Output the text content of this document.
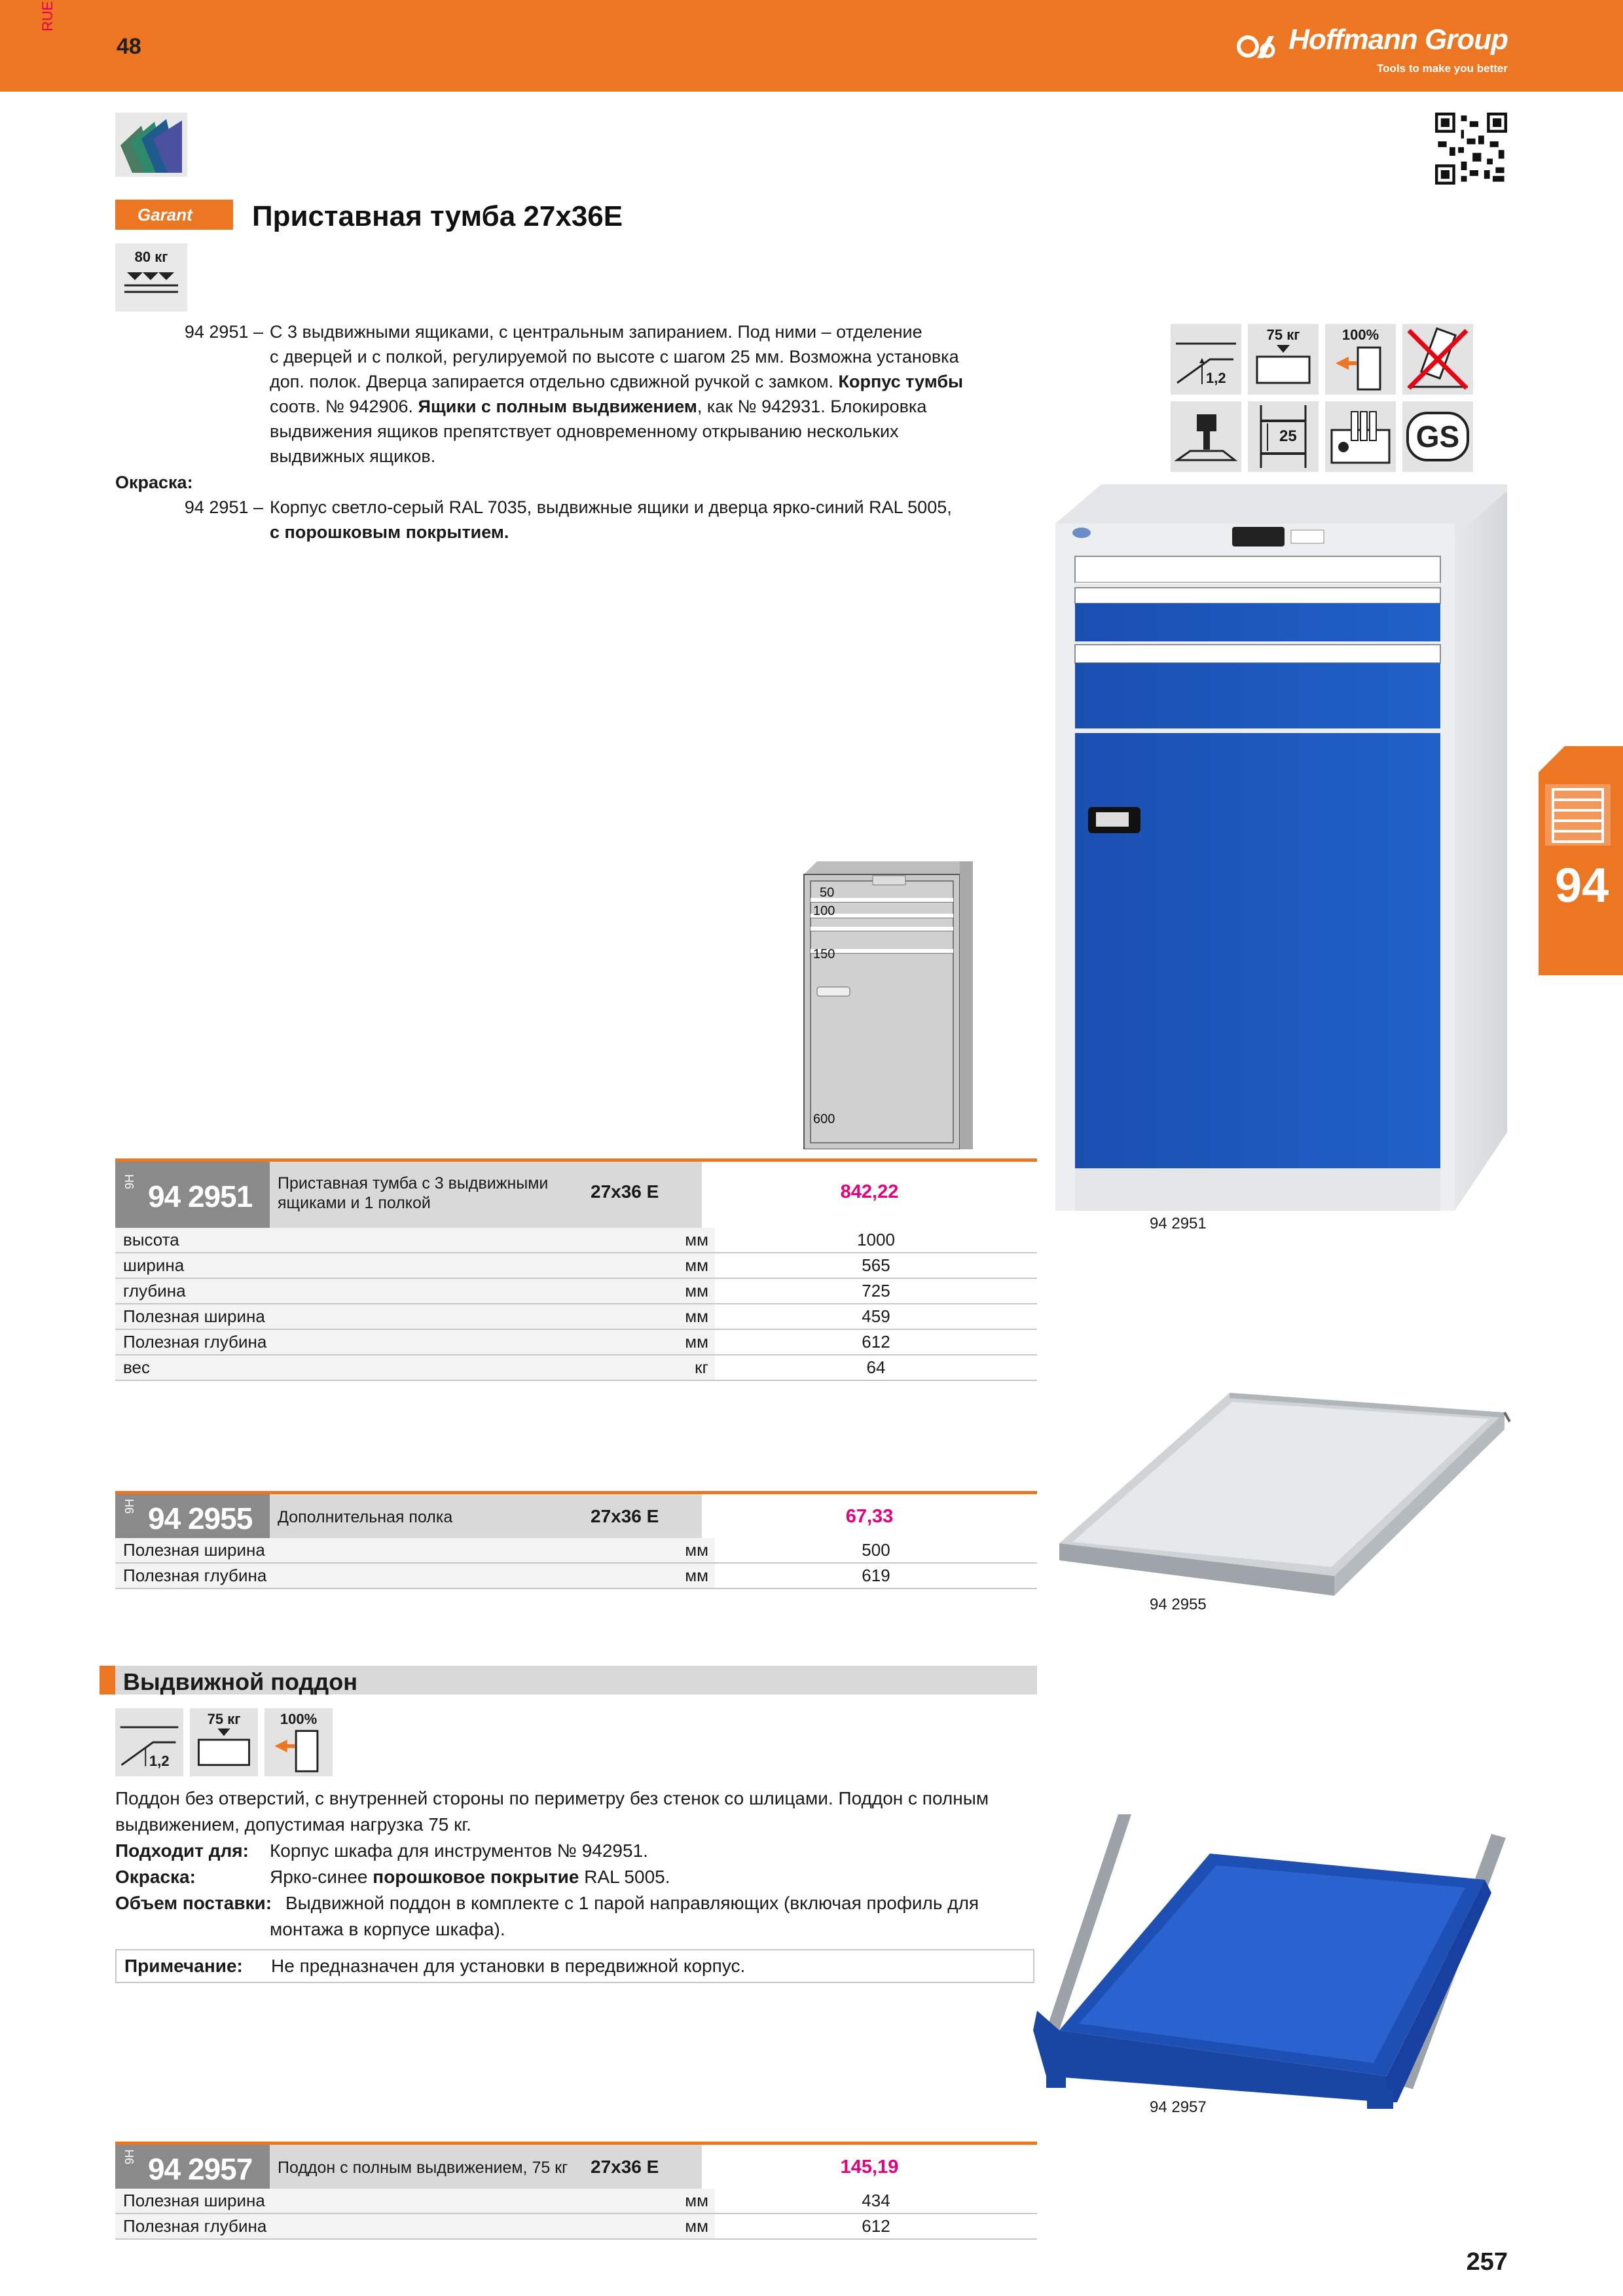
RUE
48	Hoffmann Group
Tools to make you better
Garant	Приставная тумба 27x36E
80 кг
94 2951 – С 3 выдвижными ящиками, с центральным запиранием. Под ними – отделение
с дверцей и с полкой, регулируемой по высоте с шагом 25 мм. Возможна установка
доп. полок. Дверца запирается отдельно сдвижной ручкой с замком. Корпус тумбы
соотв. № 942906. Ящики с полным выдвижением, как № 942931. Блокировка
выдвижения ящиков препятствует одновременному открыванию нескольких
выдвижных ящиков.
Окраска:
94 2951 – Корпус светло-серый RAL 7035, выдвижные ящики и дверца ярко-синий RAL 5005,
с порошковым покрытием.
1,2
75 кг	100%
25	GS
50
100
150
600
94
9H 94 2951	Приставная тумба с 3 выдвижными ящиками и 1 полкой
27x36 E	842,22
высота	мм	1000
ширина	мм	565
глубина	мм	725
Полезная ширина	мм	459
Полезная глубина	мм	612
вес	кг	64
94 2951
94 2955
9H 94 2955	Дополнительная полка	27x36 E	67,33
Полезная ширина	мм	500
Полезная глубина	мм	619
Выдвижной поддон
1,2
75 кг	100%
Поддон без отверстий, с внутренней стороны по периметру без стенок со шлицами. Поддон с полным
выдвижением, допустимая нагрузка 75 кг.
Подходит для:	Корпус шкафа для инструментов № 942951.
Окраска:	Ярко-синее порошковое покрытие RAL 5005.
Объем поставки: Выдвижной поддон в комплекте с 1 парой направляющих (включая профиль для
монтажа в корпусе шкафа).
Примечание:	Не предназначен для установки в передвижной корпус.
94 2957
9H 94 2957	Поддон с полным выдвижением, 75 кг	27x36 E	145,19
Полезная ширина	мм	434
Полезная глубина	мм	612
257
